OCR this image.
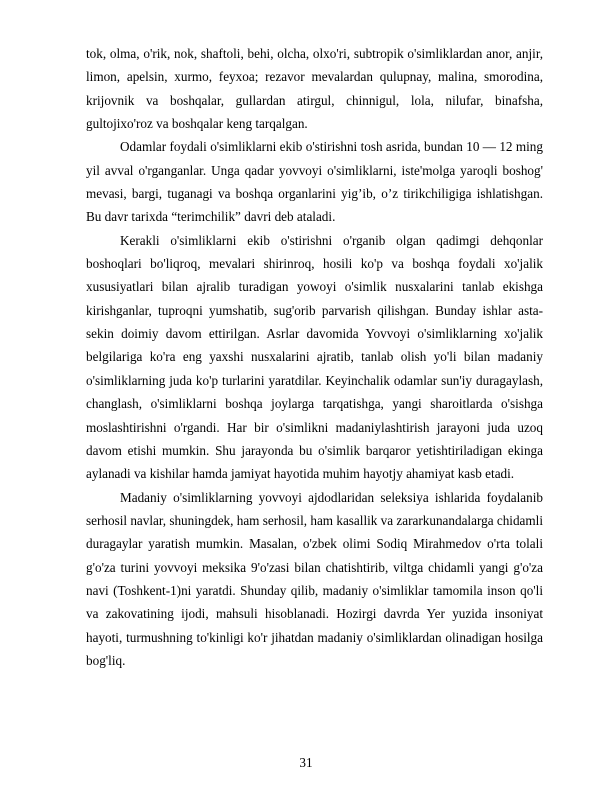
tok, olma, o'rik, nok, shaftoli, behi, olcha, olxo'ri, subtropik o'simliklardan anor, anjir, limon, apelsin, xurmo, feyxoa; rezavor mevalardan qulupnay, malina, smorodina, krijovnik va boshqalar, gullardan atirgul, chinnigul, lola, nilufar, binafsha, gultojixo'roz va boshqalar keng tarqalgan.

Odamlar foydali o'simliklarni ekib o'stirishni tosh asrida, bundan 10 — 12 ming yil avval o'rganganlar. Unga qadar yovvoyi o'simliklarni, iste'molga yaroqli boshog' mevasi, bargi, tuganagi va boshqa organlarini yig’ib, o’z tirikchiligiga ishlatishgan. Bu davr tarixda “terimchilik” davri deb ataladi.

Kerakli o'simliklarni ekib o'stirishni o'rganib olgan qadimgi dehqonlar boshoqlari bo'liqroq, mevalari shirinroq, hosili ko'p va boshqa foydali xo'jalik xususiyatlari bilan ajralib turadigan yowoyi o'simlik nusxalarini tanlab ekishga kirishganlar, tuproqni yumshatib, sug'orib parvarish qilishgan. Bunday ishlar asta-sekin doimiy davom ettirilgan. Asrlar davomida Yovvoyi o'simliklarning xo'jalik belgilariga ko'ra eng yaxshi nusxalarini ajratib, tanlab olish yo'li bilan madaniy o'simliklarning juda ko'p turlarini yaratdilar. Keyinchalik odamlar sun'iy duragaylash, changlash, o'simliklarni boshqa joylarga tarqatishga, yangi sharoitlarda o'sishga moslashtirishni o'rgandi. Har bir o'simlikni madaniylashtirish jarayoni juda uzoq davom etishi mumkin. Shu jarayonda bu o'simlik barqaror yetishtiriladigan ekinga aylanadi va kishilar hamda jamiyat hayotida muhim hayotjy ahamiyat kasb etadi.

Madaniy o'simliklarning yovvoyi ajdodlaridan seleksiya ishlarida foydalanib serhosil navlar, shuningdek, ham serhosil, ham kasallik va zararkunandalarga chidamli duragaylar yaratish mumkin. Masalan, o'zbek olimi Sodiq Mirahmedov o'rta tolali g'o'za turini yovvoyi meksika 9'o'zasi bilan chatishtirib, viltga chidamli yangi g'o'za navi (Toshkent-1)ni yaratdi. Shunday qilib, madaniy o'simliklar tamomila inson qo'li va zakovatining ijodi, mahsuli hisoblanadi. Hozirgi davrda Yer yuzida insoniyat hayoti, turmushning to'kinligi ko'r jihatdan madaniy o'simliklardan olinadigan hosilga bog'liq.

31
